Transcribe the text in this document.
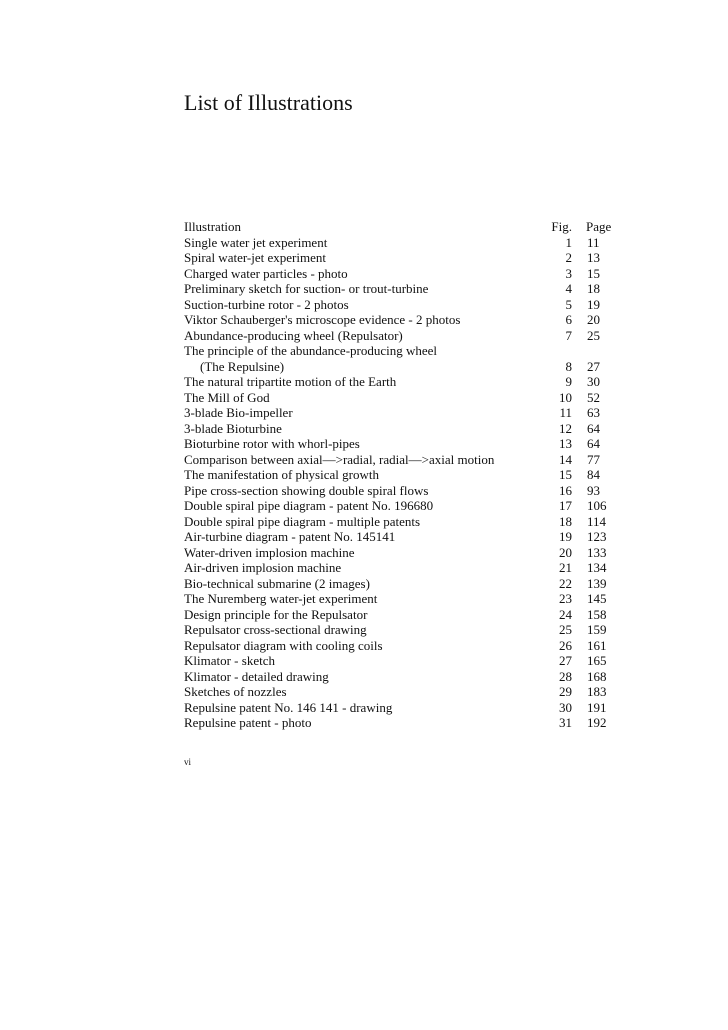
List of Illustrations
Illustration	Fig.	Page
Single water jet experiment	1	11
Spiral water-jet experiment	2	13
Charged water particles - photo	3	15
Preliminary sketch for suction- or trout-turbine	4	18
Suction-turbine rotor - 2 photos	5	19
Viktor Schauberger's microscope evidence - 2 photos	6	20
Abundance-producing wheel (Repulsator)	7	25
The principle of the abundance-producing wheel
(The Repulsine)	8	27
The natural tripartite motion of the Earth	9	30
The Mill of God	10	52
3-blade Bio-impeller	11	63
3-blade Bioturbine	12	64
Bioturbine rotor with whorl-pipes	13	64
Comparison between axial—>radial, radial—>axial motion	14	77
The manifestation of physical growth	15	84
Pipe cross-section showing double spiral flows	16	93
Double spiral pipe diagram - patent No. 196680	17	106
Double spiral pipe diagram - multiple patents	18	114
Air-turbine diagram - patent No. 145141	19	123
Water-driven implosion machine	20	133
Air-driven implosion machine	21	134
Bio-technical submarine (2 images)	22	139
The Nuremberg water-jet experiment	23	145
Design principle for the Repulsator	24	158
Repulsator cross-sectional drawing	25	159
Repulsator diagram with cooling coils	26	161
Klimator - sketch	27	165
Klimator - detailed drawing	28	168
Sketches of nozzles	29	183
Repulsine patent No. 146 141 - drawing	30	191
Repulsine patent - photo	31	192
vi
